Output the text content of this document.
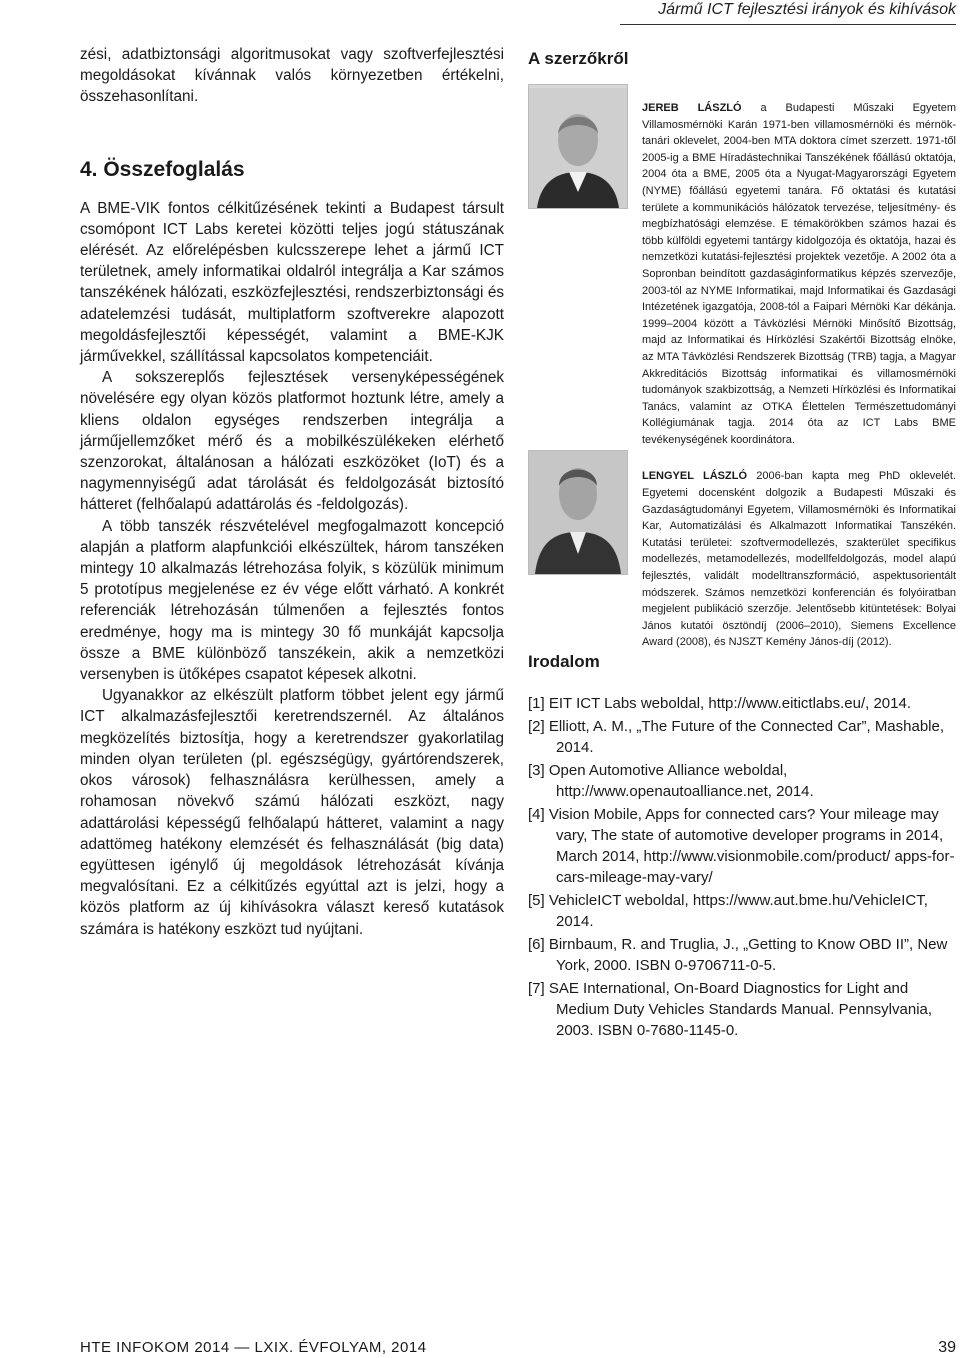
Jármű ICT fejlesztési irányok és kihívások

zési, adatbiztonsági algoritmusokat vagy szoftverfejlesztési megoldásokat kívánnak valós környezetben értékelni, összehasonlítani.

4. Összefoglalás

A BME-VIK fontos célkitűzésének tekinti a Budapest társult csomópont ICT Labs keretei közötti teljes jogú státuszának elérését. Az előrelépésben kulcsszerepe lehet a jármű ICT területnek, amely informatikai oldalról integrálja a Kar számos tanszékének hálózati, eszközfejlesztési, rendszerbiztonsági és adatelemzési tudását, multiplatform szoftverekre alapozott megoldásfejlesztői képességét, valamint a BME-KJK járművekkel, szállítással kapcsolatos kompetenciáit.

A sokszereplős fejlesztések versenyképességének növelésére egy olyan közös platformot hoztunk létre, amely a kliens oldalon egységes rendszerben integrálja a járműjellemzőket mérő és a mobilkészülékeken elérhető szenzorokat, általánosan a hálózati eszközöket (IoT) és a nagymennyiségű adat tárolását és feldolgozását biztosító hátteret (felhőalapú adattárolás és -feldolgozás).

A több tanszék részvételével megfogalmazott koncepció alapján a platform alapfunkciói elkészültek, három tanszéken mintegy 10 alkalmazás létrehozása folyik, s közülük minimum 5 prototípus megjelenése ez év vége előtt várható. A konkrét referenciák létrehozásán túlmenően a fejlesztés fontos eredménye, hogy ma is mintegy 30 fő munkáját kapcsolja össze a BME különböző tanszékein, akik a nemzetközi versenyben is ütőképes csapatot képesek alkotni.

Ugyanakkor az elkészült platform többet jelent egy jármű ICT alkalmazásfejlesztői keretrendszernél. Az általános megközelítés biztosítja, hogy a keretrendszer gyakorlatilag minden olyan területen (pl. egészségügy, gyártórendszerek, okos városok) felhasználásra kerülhessen, amely a rohamosan növekvő számú hálózati eszközt, nagy adattárolási képességű felhőalapú hátteret, valamint a nagy adattömeg hatékony elemzését és felhasználását (big data) együttesen igénylő új megoldások létrehozását kívánja megvalósítani. Ez a célkitűzés egyúttal azt is jelzi, hogy a közös platform az új kihívásokra választ kereső kutatások számára is hatékony eszközt tud nyújtani.

A szerzőkről

JEREB LÁSZLÓ a Budapesti Műszaki Egyetem Villamosmérnöki Karán 1971-ben villamosmérnöki és mérnök-tanári oklevelet, 2004-ben MTA doktora címet szerzett. 1971-től 2005-ig a BME Híradástechnikai Tanszékének főállású oktatója, 2004 óta a BME, 2005 óta a Nyugat-Magyarországi Egyetem (NYME) főállású egyetemi tanára. Fő oktatási és kutatási területe a kommunikációs hálózatok tervezése, teljesítmény- és megbízhatósági elemzése. E témakörökben számos hazai és több külföldi egyetemi tantárgy kidolgozója és oktatója, hazai és nemzetközi kutatási-fejlesztési projektek vezetője. A 2002 óta a Sopronban beindított gazdaságinformatikus képzés szervezője, 2003-tól az NYME Informatikai, majd Informatikai és Gazdasági Intézetének igazgatója, 2008-tól a Faipari Mérnöki Kar dékánja. 1999–2004 között a Távközlési Mérnöki Minősítő Bizottság, majd az Informatikai és Hírközlési Szakértői Bizottság elnöke, az MTA Távközlési Rendszerek Bizottság (TRB) tagja, a Magyar Akkreditációs Bizottság informatikai és villamosmérnöki tudományok szakbizottság, a Nemzeti Hírközlési és Informatikai Tanács, valamint az OTKA Élettelen Természettudományi Kollégiumának tagja. 2014 óta az ICT Labs BME tevékenységének koordinátora.

LENGYEL LÁSZLÓ 2006-ban kapta meg PhD oklevelét. Egyetemi docensként dolgozik a Budapesti Műszaki és Gazdaságtudományi Egyetem, Villamosmérnöki és Informatikai Kar, Automatizálási és Alkalmazott Informatikai Tanszékén. Kutatási területei: szoftvermodellezés, szakterület specifikus modellezés, metamodellezés, modellfeldolgozás, model alapú fejlesztés, validált modelltranszformáció, aspektusorientált módszerek. Számos nemzetközi konferencián és folyóiratban megjelent publikáció szerzője. Jelentősebb kitüntetések: Bolyai János kutatói ösztöndíj (2006–2010), Siemens Excellence Award (2008), és NJSZT Kemény János-díj (2012).

Irodalom
[1] EIT ICT Labs weboldal, http://www.eitictlabs.eu/, 2014.
[2] Elliott, A. M., „The Future of the Connected Car”, Mashable, 2014.
[3] Open Automotive Alliance weboldal, http://www.openautoalliance.net, 2014.
[4] Vision Mobile, Apps for connected cars? Your mileage may vary, The state of automotive developer programs in 2014, March 2014, http://www.visionmobile.com/product/ apps-for-cars-mileage-may-vary/
[5] VehicleICT weboldal, https://www.aut.bme.hu/VehicleICT, 2014.
[6] Birnbaum, R. and Truglia, J., „Getting to Know OBD II”, New York, 2000. ISBN 0-9706711-0-5.
[7] SAE International, On-Board Diagnostics for Light and Medium Duty Vehicles Standards Manual. Pennsylvania, 2003. ISBN 0-7680-1145-0.
HTE INFOKOM 2014 — LXIX. ÉVFOLYAM, 2014	39
